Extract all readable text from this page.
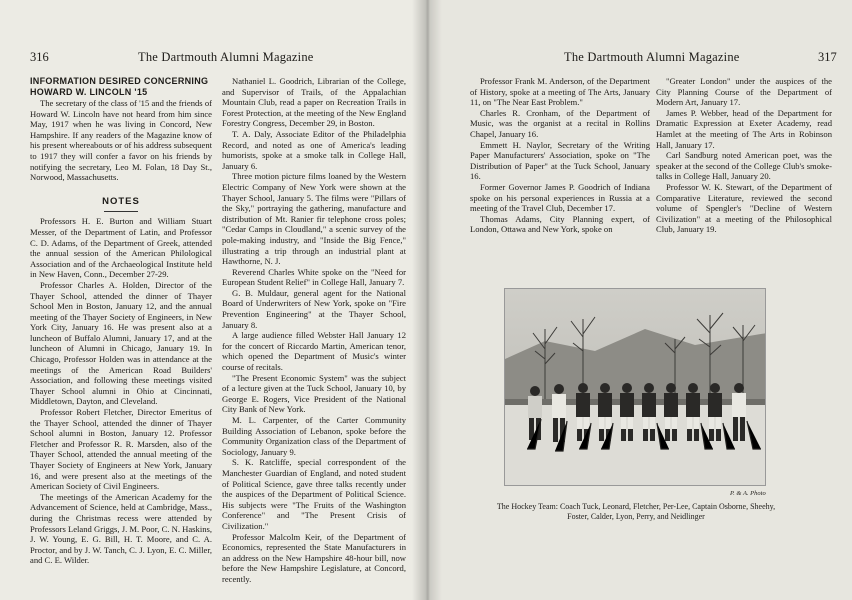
316	The Dartmouth Alumni Magazine
INFORMATION DESIRED CONCERNING HOWARD W. LINCOLN '15

The secretary of the class of '15 and the friends of Howard W. Lincoln have not heard from him since May, 1917 when he was living in Concord, New Hampshire. If any readers of the Magazine know of his present whereabouts or of his address subsequent to 1917 they will confer a favor on his friends by notifying the secretary, Leo M. Folan, 18 Day St., Norwood, Massachusetts.

NOTES

Professors H. E. Burton and William Stuart Messer, of the Department of Latin, and Professor C. D. Adams, of the Department of Greek, attended the annual session of the American Philological Association and of the Archaeological Institute held in New Haven, Conn., December 27-29.

Professor Charles A. Holden, Director of the Thayer School, attended the dinner of Thayer School Men in Boston, January 12, and the annual meeting of the Thayer Society of Engineers, in New York City, January 16. He was present also at a luncheon of Buffalo Alumni, January 17, and at the luncheon of Alumni in Chicago, January 19. In Chicago, Professor Holden was in attendance at the meetings of the American Road Builders' Association, and following these meetings visited Thayer School alumni in Ohio at Cincinnati, Middletown, Dayton, and Cleveland.

Professor Robert Fletcher, Director Emeritus of the Thayer School, attended the dinner of Thayer School alumni in Boston, January 12. Professor Fletcher and Professor R. R. Marsden, also of the Thayer School, attended the annual meeting of the Thayer Society of Engineers at New York, January 16, and were present also at the meetings of the American Society of Civil Engineers.

The meetings of the American Academy for the Advancement of Science, held at Cambridge, Mass., during the Christmas recess were attended by Professors Leland Griggs, J. M. Poor, C. N. Haskins, J. W. Young, E. G. Bill, H. T. Moore, and C. A. Proctor, and by J. W. Tanch, C. J. Lyon, E. C. Miller, and C. E. Wilder.

Nathaniel L. Goodrich, Librarian of the College, and Supervisor of Trails, of the Appalachian Mountain Club, read a paper on Recreation Trails in Forest Protection, at the meeting of the New England Forestry Congress, December 29, in Boston.

T. A. Daly, Associate Editor of the Philadelphia Record, and noted as one of America's leading humorists, spoke at a smoke talk in College Hall, January 6.

Three motion picture films loaned by the Western Electric Company of New York were shown at the Thayer School, January 5. The films were "Pillars of the Sky," portraying the gathering, manufacture and distribution of Mt. Ranier fir telephone cross poles; "Cedar Camps in Cloudland," a scenic survey of the pole-making industry, and "Inside the Big Fence," illustrating a trip through an industrial plant at Hawthorne, N. J.

Reverend Charles White spoke on the "Need for European Student Relief" in College Hall, January 7.

G. B. Muldaur, general agent for the National Board of Underwriters of New York, spoke on "Fire Prevention Engineering" at the Thayer School, January 8.

A large audience filled Webster Hall January 12 for the concert of Riccardo Martin, American tenor, which opened the Department of Music's winter course of recitals.

"The Present Economic System" was the subject of a lecture given at the Tuck School, January 10, by George E. Rogers, Vice President of the National City Bank of New York.

M. L. Carpenter, of the Carter Community Building Association of Lebanon, spoke before the Community Organization class of the Department of Sociology, January 9.

S. K. Ratcliffe, special correspondent of the Manchester Guardian of England, and noted student of Political Science, gave three talks recently under the auspices of the Department of Political Science. His subjects were "The Fruits of the Washington Conference" and "The Present Crisis of Civilization."

Professor Malcolm Keir, of the Department of Economics, represented the State Manufacturers in an address on the New Hampshire 48-hour bill, now before the New Hampshire Legislature, at Concord, recently.

The Dartmouth Alumni Magazine	317

Professor Frank M. Anderson, of the Department of History, spoke at a meeting of The Arts, January 11, on "The Near East Problem."

Charles R. Cronham, of the Department of Music, was the organist at a recital in Rollins Chapel, January 16.

Emmett H. Naylor, Secretary of the Writing Paper Manufacturers' Association, spoke on "The Distribution of Paper" at the Tuck School, January 16.

Former Governor James P. Goodrich of Indiana spoke on his personal experiences in Russia at a meeting of the Travel Club, December 17.

Thomas Adams, City Planning expert, of London, Ottawa and New York, spoke on

"Greater London" under the auspices of the City Planning Course of the Department of Modern Art, January 17.

James P. Webber, head of the Department for Dramatic Expression at Exeter Academy, read Hamlet at the meeting of The Arts in Robinson Hall, January 17.

Carl Sandburg noted American poet, was the speaker at the second of the College Club's smoke-talks in College Hall, January 20.

Professor W. K. Stewart, of the Department of Comparative Literature, reviewed the second volume of Spengler's "Decline of Western Civilization" at a meeting of the Philosophical Club, January 19.

P. & A. Photo
The Hockey Team: Coach Tuck, Leonard, Fletcher, Per-Lee, Captain Osborne, Sheehy, Foster, Calder, Lyon, Perry, and Neidlinger
